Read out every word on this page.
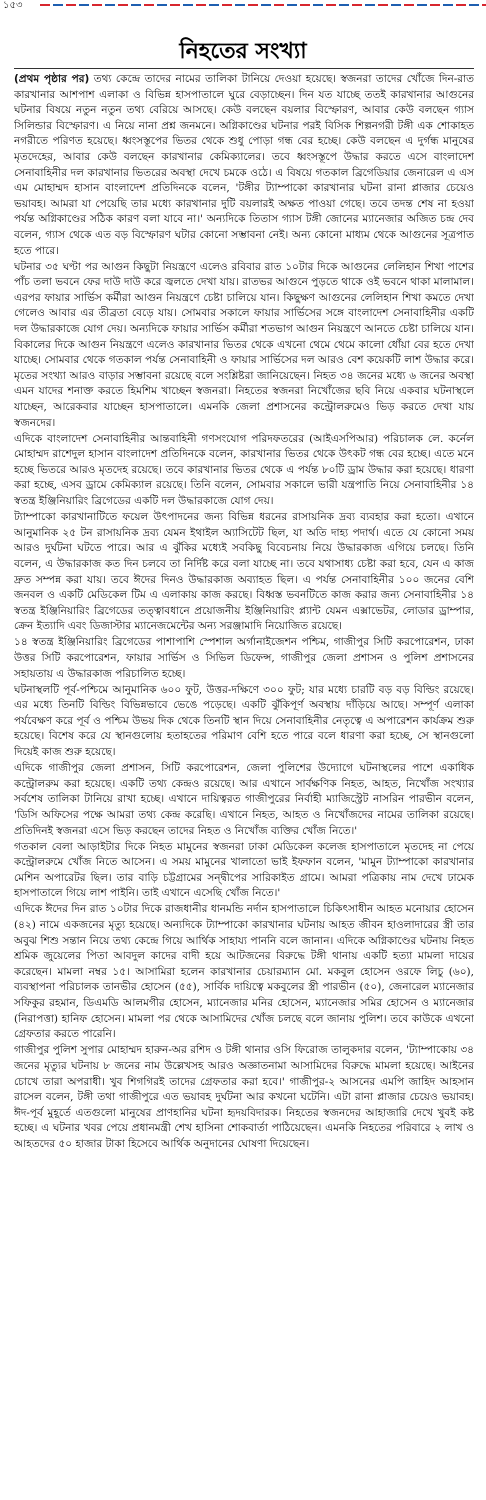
১৫৩
নিহতের সংখ্যা

(প্রথম পৃষ্ঠার পর) তথ্য কেন্দ্রে তাদের নামের তালিকা টানিয়ে দেওয়া হয়েছে। স্বজনরা তাদের খোঁজে দিন-রাত কারখানার আশপাশ এলাকা ও বিভিন্ন হাসপাতালে ঘুরে বেড়াচ্ছেন। দিন যত যাচ্ছে ততই কারখানার আগুনের ঘটনার বিষয়ে নতুন নতুন তথ্য বেরিয়ে আসছে। কেউ বলছেন বয়লার বিস্ফোরণ, আবার কেউ বলছেন গ্যাস সিলিন্ডার বিস্ফোরণ। এ নিয়ে নানা প্রশ্ন জনমনে। অগ্নিকাণ্ডের ঘটনার পরই বিসিক শিল্পনগরী টঙ্গী এক শোকাহত নগরীতে পরিণত হয়েছে। ধ্বংসস্তূপের ভিতর থেকে শুধু পোড়া গন্ধ বের হচ্ছে। কেউ বলছেন এ দুর্গন্ধ মানুষের মৃতদেহের, আবার কেউ বলছেন কারখানার কেমিক্যালের। তবে ধ্বংসস্তূপে উদ্ধার করতে এসে বাংলাদেশ সেনাবাহিনীর দল কারখানার ভিতরের অবস্থা দেখে চমকে ওঠে। এ বিষয়ে গতকাল ব্রিগেডিয়ার জেনারেল এ এস এম মোহাম্মদ হাসান বাংলাদেশ প্রতিদিনকে বলেন, 'টঙ্গীর ট্যাম্পাকো কারখানার ঘটনা রানা প্লাজার চেয়েও ভয়াবহ। আমরা যা পেয়েছি তার মধ্যে কারখানার দুটি বয়লারই অক্ষত পাওয়া গেছে। তবে তদন্ত শেষ না হওয়া পর্যন্ত অগ্নিকাণ্ডের সঠিক কারণ বলা যাবে না।' অন্যদিকে তিতাস গ্যাস টঙ্গী জোনের ম্যানেজার অজিত চন্দ্র দেব বলেন, গ্যাস থেকে এত বড় বিস্ফোরণ ঘটার কোনো সম্ভাবনা নেই। অন্য কোনো মাধ্যম থেকে আগুনের সূত্রপাত হতে পারে।

ঘটনার ৩৫ ঘণ্টা পর আগুন কিছুটা নিয়ন্ত্রণে এলেও রবিবার রাত ১০টার দিকে আগুনের লেলিহান শিখা পাশের পাঁচ তলা ভবনে ফের দাউ দাউ করে জ্বলতে দেখা যায়। রাতভর আগুনে পুড়তে থাকে ওই ভবনে থাকা মালামাল। এরপর ফায়ার সার্ভিস কর্মীরা আগুন নিয়ন্ত্রণে চেষ্টা চালিয়ে যান। কিছুক্ষণ আগুনের লেলিহান শিখা কমতে দেখা গেলেও আবার এর তীব্রতা বেড়ে যায়। সোমবার সকালে ফায়ার সার্ভিসের সঙ্গে বাংলাদেশ সেনাবাহিনীর একটি দল উদ্ধারকাজে যোগ দেয়। অন্যদিকে ফায়ার সার্ভিস কর্মীরা শতভাগ আগুন নিয়ন্ত্রণে আনতে চেষ্টা চালিয়ে যান। বিকালের দিকে আগুন নিয়ন্ত্রণে এলেও কারখানার ভিতর থেকে এখনো থেমে থেমে কালো ধোঁয়া বের হতে দেখা যাচ্ছে। সোমবার থেকে গতকাল পর্যন্ত সেনাবাহিনী ও ফায়ার সার্ভিসের দল আরও বেশ কয়েকটি লাশ উদ্ধার করে। মৃতের সংখ্যা আরও বাড়ার সম্ভাবনা রয়েছে বলে সংশ্লিষ্টরা জানিয়েছেন। নিহত ৩৪ জনের মধ্যে ৬ জনের অবস্থা এমন যাদের শনাক্ত করতে হিমশিম খাচ্ছেন স্বজনরা। নিহতের স্বজনরা নিখোঁজের ছবি নিয়ে একবার ঘটনাস্থলে যাচ্ছেন, আরেকবার যাচ্ছেন হাসপাতালে। এমনকি জেলা প্রশাসনের কন্ট্রোলরুমেও ভিড় করতে দেখা যায় স্বজনদের।

এদিকে বাংলাদেশ সেনাবাহিনীর আন্তবাহিনী গণসংযোগ পরিদফতরের (আইএসপিআর) পরিচালক লে. কর্নেল মোহাম্মদ রাশেদুল হাসান বাংলাদেশ প্রতিদিনকে বলেন, কারখানার ভিতর থেকে উৎকট গন্ধ বের হচ্ছে। এতে মনে হচ্ছে ভিতরে আরও মৃতদেহ রয়েছে। তবে কারখানার ভিতর থেকে এ পর্যন্ত ৮০টি ড্রাম উদ্ধার করা হয়েছে। ধারণা করা হচ্ছে, এসব ড্রামে কেমিক্যাল রয়েছে। তিনি বলেন, সোমবার সকালে ভারী যন্ত্রপাতি নিয়ে সেনাবাহিনীর ১৪ স্বতন্ত্র ইঞ্জিনিয়ারিং ব্রিগেডের একটি দল উদ্ধারকাজে যোগ দেয়।

ট্যাম্পাকো কারখানাটিতে ফয়েল উৎপাদনের জন্য বিভিন্ন ধরনের রাসায়নিক দ্রব্য ব্যবহার করা হতো। এখানে আনুমানিক ২৫ টন রাসায়নিক দ্রব্য যেমন ইথাইল অ্যাসিটেট ছিল, যা অতি দাহ্য পদার্থ। এতে যে কোনো সময় আরও দুর্ঘটনা ঘটতে পারে। আর এ ঝুঁকির মধ্যেই সবকিছু বিবেচনায় নিয়ে উদ্ধারকাজ এগিয়ে চলছে। তিনি বলেন, এ উদ্ধারকাজ কত দিন চলবে তা নির্দিষ্ট করে বলা যাচ্ছে না। তবে যথাসাধ্য চেষ্টা করা হবে, যেন এ কাজ দ্রুত সম্পন্ন করা যায়। তবে ঈদের দিনও উদ্ধারকাজ অব্যাহত ছিল। এ পর্যন্ত সেনাবাহিনীর ১০০ জনের বেশি জনবল ও একটি মেডিকেল টিম এ এলাকায় কাজ করছে। বিধ্বস্ত ভবনটিতে কাজ করার জন্য সেনাবাহিনীর ১৪ স্বতন্ত্র ইঞ্জিনিয়ারিং ব্রিগেডের তত্ত্বাবধানে প্রয়োজনীয় ইঞ্জিনিয়ারিং প্ল্যান্ট যেমন এক্সাভেটর, লোডার ড্রাম্পার, ক্রেন ইত্যাদি এবং ডিজাস্টার ম্যানেজমেন্টের অন্য সরঞ্জামাদি নিয়োজিত রয়েছে।

১৪ স্বতন্ত্র ইঞ্জিনিয়ারিং ব্রিগেডের পাশাপাশি স্পেশাল অর্গানাইজেশন পশ্চিম, গাজীপুর সিটি করপোরেশন, ঢাকা উত্তর সিটি করপোরেশন, ফায়ার সার্ভিস ও সিভিল ডিফেন্স, গাজীপুর জেলা প্রশাসন ও পুলিশ প্রশাসনের সহায়তায় এ উদ্ধারকাজ পরিচালিত হচ্ছে।

ঘটনাস্থলটি পূর্ব-পশ্চিমে আনুমানিক ৬০০ ফুট, উত্তর-দক্ষিণে ৩০০ ফুট; যার মধ্যে চারটি বড় বড় বিল্ডিং রয়েছে। এর মধ্যে তিনটি বিল্ডিং বিভিন্নভাবে ভেঙে পড়েছে। একটি ঝুঁকিপূর্ণ অবস্থায় দাঁড়িয়ে আছে। সম্পূর্ণ এলাকা পর্যবেক্ষণ করে পূর্ব ও পশ্চিম উভয় দিক থেকে তিনটি স্থান দিয়ে সেনাবাহিনীর নেতৃত্বে এ অপারেশন কার্যক্রম শুরু হয়েছে। বিশেষ করে যে স্থানগুলোয় হতাহতের পরিমাণ বেশি হতে পারে বলে ধারণা করা হচ্ছে, সে স্থানগুলো দিয়েই কাজ শুরু হয়েছে।

এদিকে গাজীপুর জেলা প্রশাসন, সিটি করপোরেশন, জেলা পুলিশের উদ্যোগে ঘটনাস্থলের পাশে একাধিক কন্ট্রোলরুম করা হয়েছে। একটি তথ্য কেন্দ্রও রয়েছে। আর এখানে সার্বক্ষণিক নিহত, আহত, নিখোঁজ সংখ্যার সর্বশেষ তালিকা টানিয়ে রাখা হচ্ছে। এখানে দায়িত্বরত গাজীপুরের নির্বাহী ম্যাজিস্ট্রেট নাসরিন পারভীন বলেন, 'ডিসি অফিসের পক্ষে আমরা তথ্য কেন্দ্র করেছি। এখানে নিহত, আহত ও নিখোঁজদের নামের তালিকা রয়েছে। প্রতিদিনই স্বজনরা এসে ভিড় করছেন তাদের নিহত ও নিখোঁজ ব্যক্তির খোঁজ নিতে।'

গতকাল বেলা আড়াইটার দিকে নিহত মামুনের স্বজনরা ঢাকা মেডিকেল কলেজ হাসপাতালে মৃতদেহ না পেয়ে কন্ট্রোলরুমে খোঁজ নিতে আসেন। এ সময় মামুনের খালাতো ভাই ইফফান বলেন, 'মামুন ট্যাম্পাকো কারখানার মেশিন অপারেটর ছিল। তার বাড়ি চট্টগ্রামের সন্দ্বীপের সারিকাইত গ্রামে। আমরা পত্রিকায় নাম দেখে ঢামেক হাসপাতালে গিয়ে লাশ পাইনি। তাই এখানে এসেছি খোঁজ নিতে।'

এদিকে ঈদের দিন রাত ১০টার দিকে রাজধানীর ধানমন্ডি নর্দান হাসপাতালে চিকিৎসাধীন আহত মনোয়ার হোসেন (৪২) নামে একজনের মৃত্যু হয়েছে। অন্যদিকে ট্যাম্পাকো কারখানার ঘটনায় আহত জীবন হাওলাদারের স্ত্রী তার অবুঝ শিশু সন্তান নিয়ে তথ্য কেন্দ্রে গিয়ে আর্থিক সাহায্য পাননি বলে জানান। এদিকে অগ্নিকাণ্ডের ঘটনায় নিহত শ্রমিক জুয়েলের পিতা আবদুল কাদের বাদী হয়ে আটজনের বিরুদ্ধে টঙ্গী থানায় একটি হত্যা মামলা দায়ের করেছেন। মামলা নম্বর ১৫। আসামিরা হলেন কারখানার চেয়ারম্যান মো. মকবুল হোসেন ওরফে লিচু (৬০), ব্যবস্থাপনা পরিচালক তানভীর হোসেন (৫৫), সার্বিক দায়িত্বে মকবুলের স্ত্রী পারভীন (৫০), জেনারেল ম্যানেজার সফিকুর রহমান, ডিএমডি আলমগীর হোসেন, ম্যানেজার মনির হোসেন, ম্যানেজার সমির হোসেন ও ম্যানেজার (নিরাপত্তা) হানিফ হোসেন। মামলা পর থেকে আসামিদের খোঁজ চলছে বলে জানায় পুলিশ। তবে কাউকে এখনো গ্রেফতার করতে পারেনি।

গাজীপুর পুলিশ সুপার মোহাম্মদ হারুন-অর রশিদ ও টঙ্গী থানার ওসি ফিরোজ তালুকদার বলেন, 'ট্যাম্পাকোয় ৩৪ জনের মৃত্যুর ঘটনায় ৮ জনের নাম উল্লেখসহ আরও অজ্ঞাতনামা আসামিদের বিরুদ্ধে মামলা হয়েছে। আইনের চোখে তারা অপরাধী। খুব শিগগিরই তাদের গ্রেফতার করা হবে।' গাজীপুর-২ আসনের এমপি জাহিদ আহসান রাসেল বলেন, টঙ্গী তথা গাজীপুরে এত ভয়াবহ দুর্ঘটনা আর কখনো ঘটেনি। এটা রানা প্লাজার চেয়েও ভয়াবহ। ঈদ-পূর্ব মুহূর্তে এতগুলো মানুষের প্রাণহানির ঘটনা হৃদয়বিদারক। নিহতের স্বজনদের আহাজারি দেখে খুবই কষ্ট হচ্ছে। এ ঘটনার খবর পেয়ে প্রধানমন্ত্রী শেখ হাসিনা শোকবার্তা পাঠিয়েছেন। এমনকি নিহতের পরিবারে ২ লাখ ও আহতদের ৫০ হাজার টাকা হিসেবে আর্থিক অনুদানের ঘোষণা দিয়েছেন।
